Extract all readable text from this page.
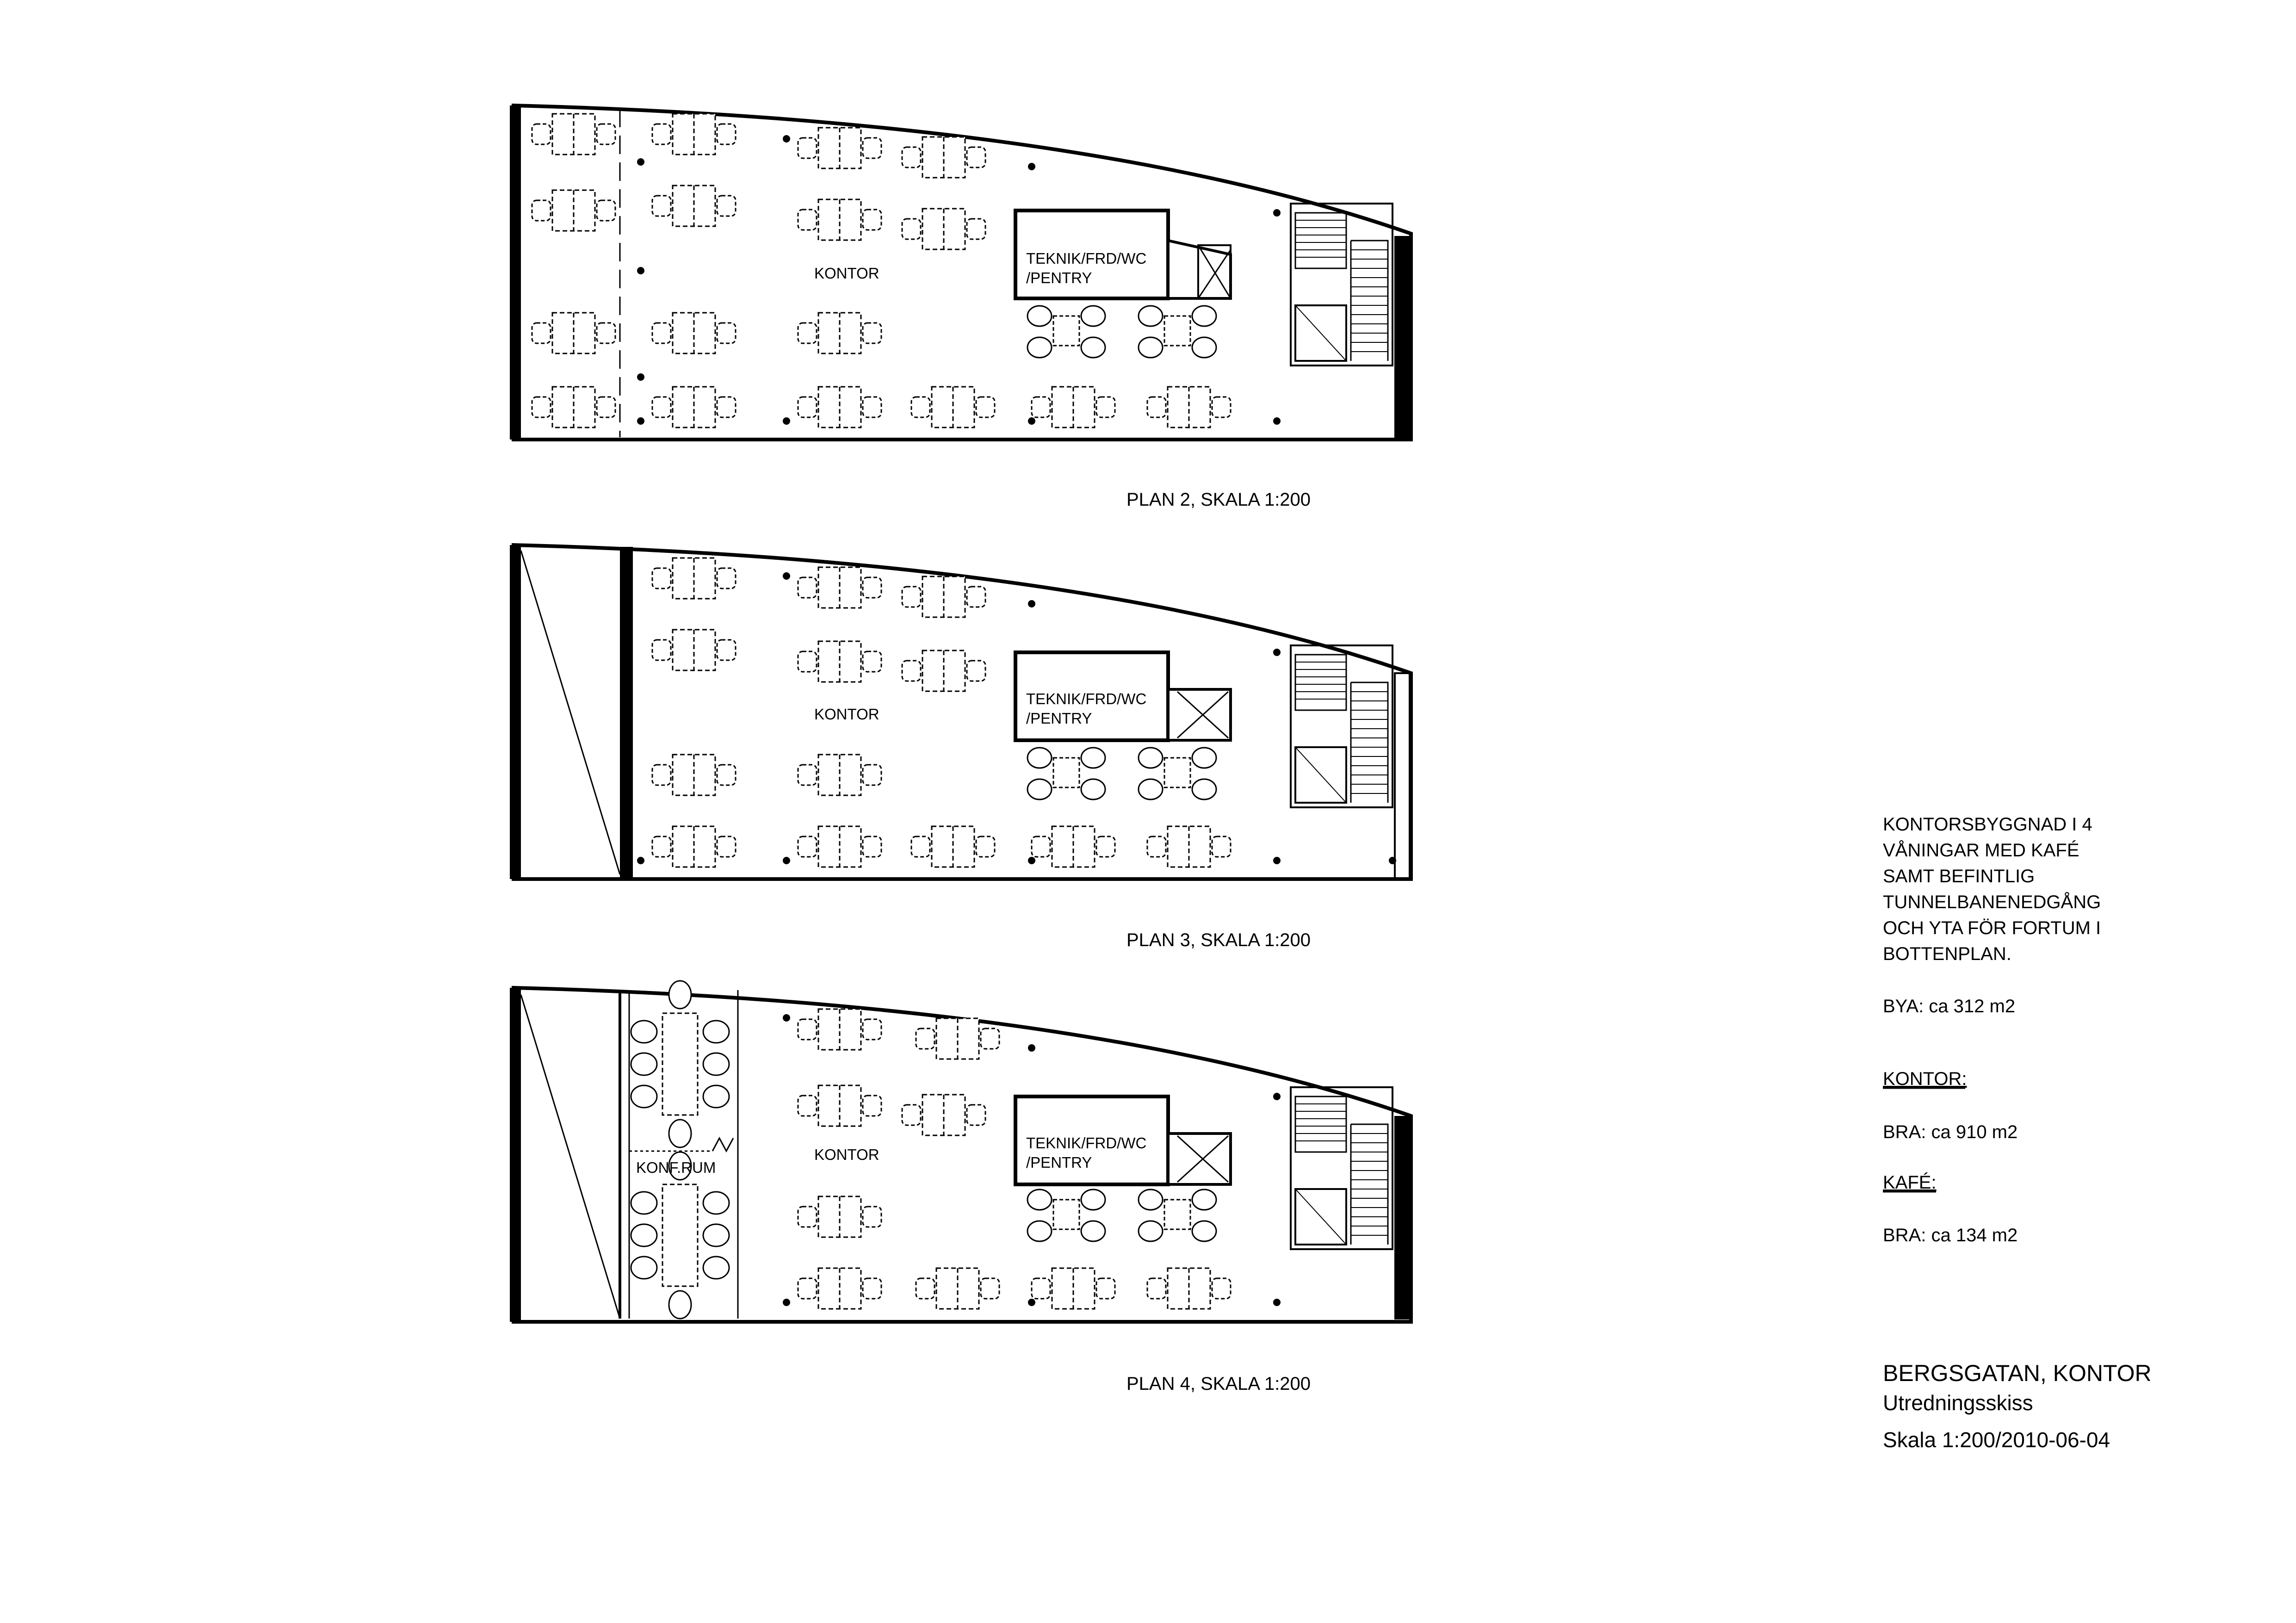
TEKNIK/FRD/WC
/PENTRY
KONTOR
PLAN 2, SKALA 1:200
TEKNIK/FRD/WC
/PENTRY
KONTOR
PLAN 3, SKALA 1:200
KONF.RUM
TEKNIK/FRD/WC
/PENTRY
KONTOR
PLAN 4, SKALA 1:200
KONTORSBYGGNAD I 4
VÅNINGAR MED KAFÉ
SAMT BEFINTLIG
TUNNELBANENEDGÅNG
OCH YTA FÖR FORTUM I
BOTTENPLAN.
BYA: ca 312 m2
KONTOR:
BRA: ca 910 m2
KAFÉ:
BRA: ca 134 m2
BERGSGATAN, KONTOR
Utredningsskiss
Skala 1:200/2010-06-04
